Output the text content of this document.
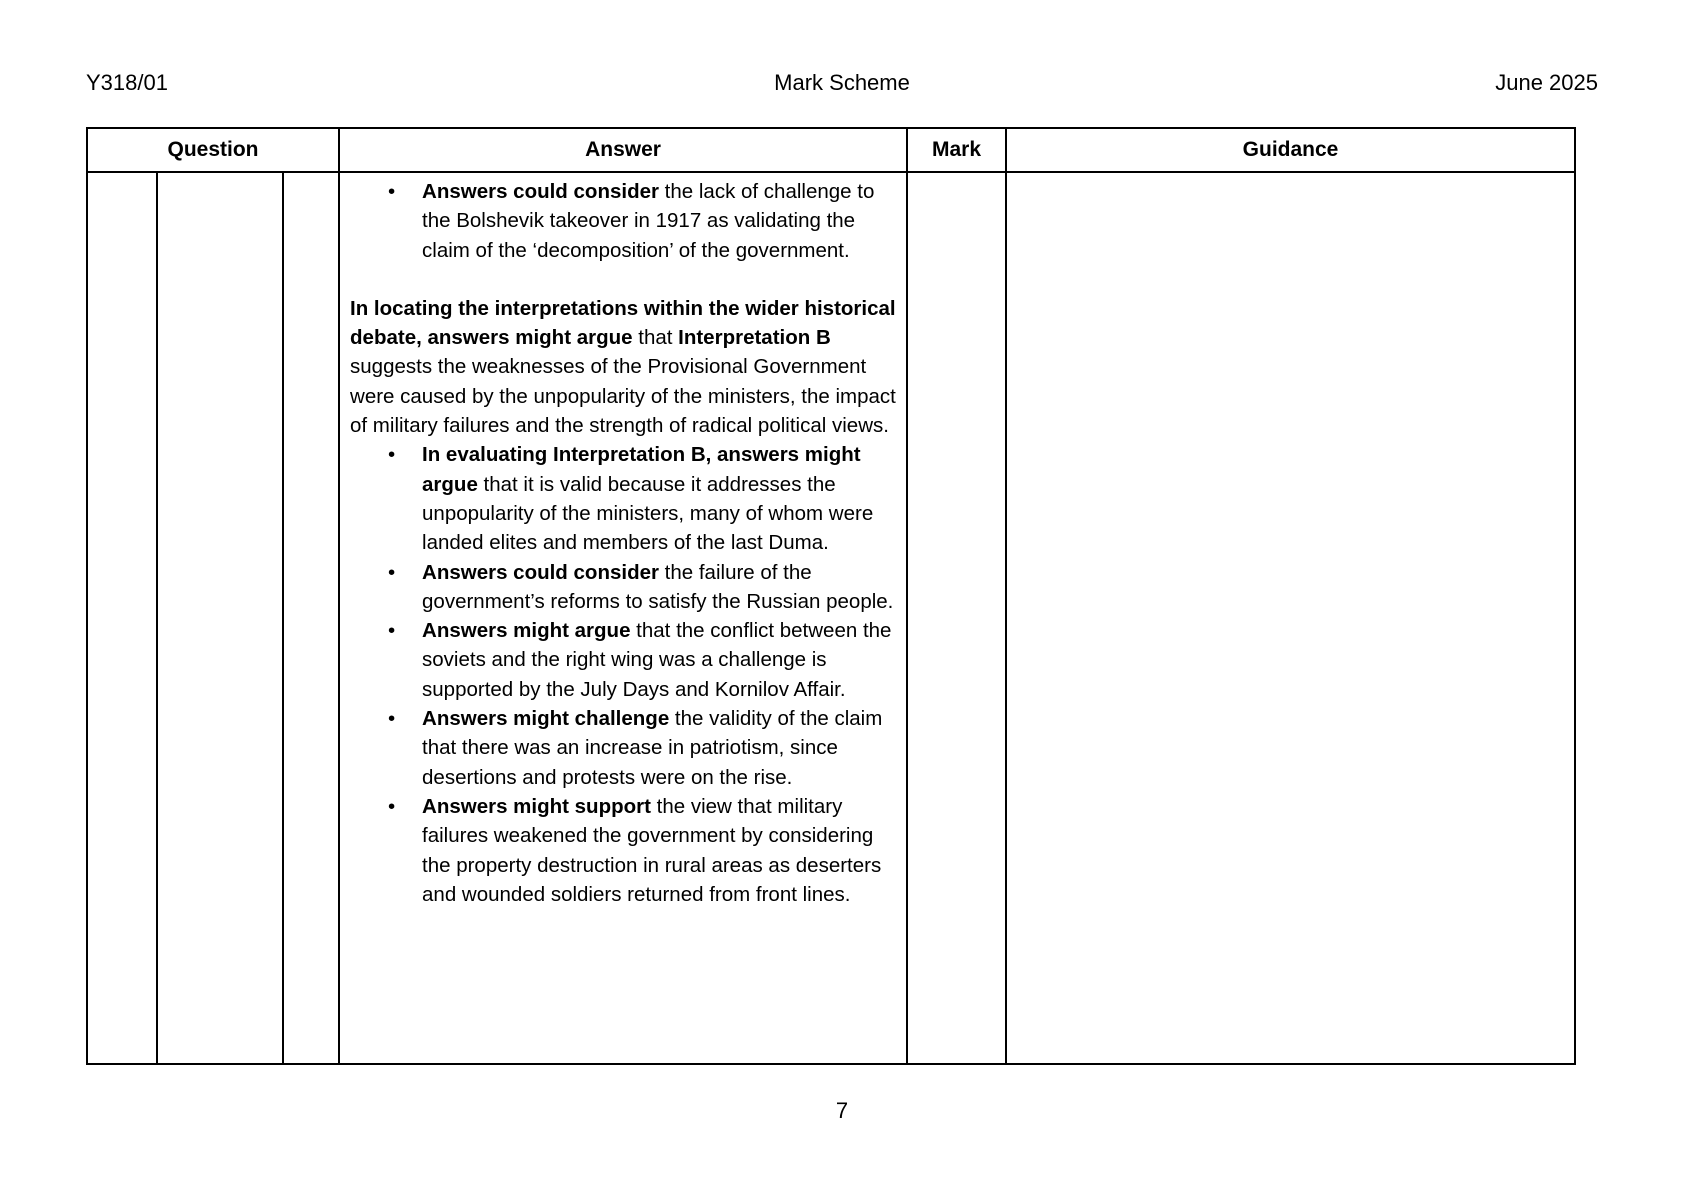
Y318/01	Mark Scheme	June 2025
Question			Answer	Mark	Guidance

• Answers could consider the lack of challenge to the Bolshevik takeover in 1917 as validating the claim of the ‘decomposition’ of the government.

In locating the interpretations within the wider historical debate, answers might argue that Interpretation B suggests the weaknesses of the Provisional Government were caused by the unpopularity of the ministers, the impact of military failures and the strength of radical political views.

• In evaluating Interpretation B, answers might argue that it is valid because it addresses the unpopularity of the ministers, many of whom were landed elites and members of the last Duma.
• Answers could consider the failure of the government’s reforms to satisfy the Russian people.
• Answers might argue that the conflict between the soviets and the right wing was a challenge is supported by the July Days and Kornilov Affair.
• Answers might challenge the validity of the claim that there was an increase in patriotism, since desertions and protests were on the rise.
• Answers might support the view that military failures weakened the government by considering the property destruction in rural areas as deserters and wounded soldiers returned from front lines.

7
